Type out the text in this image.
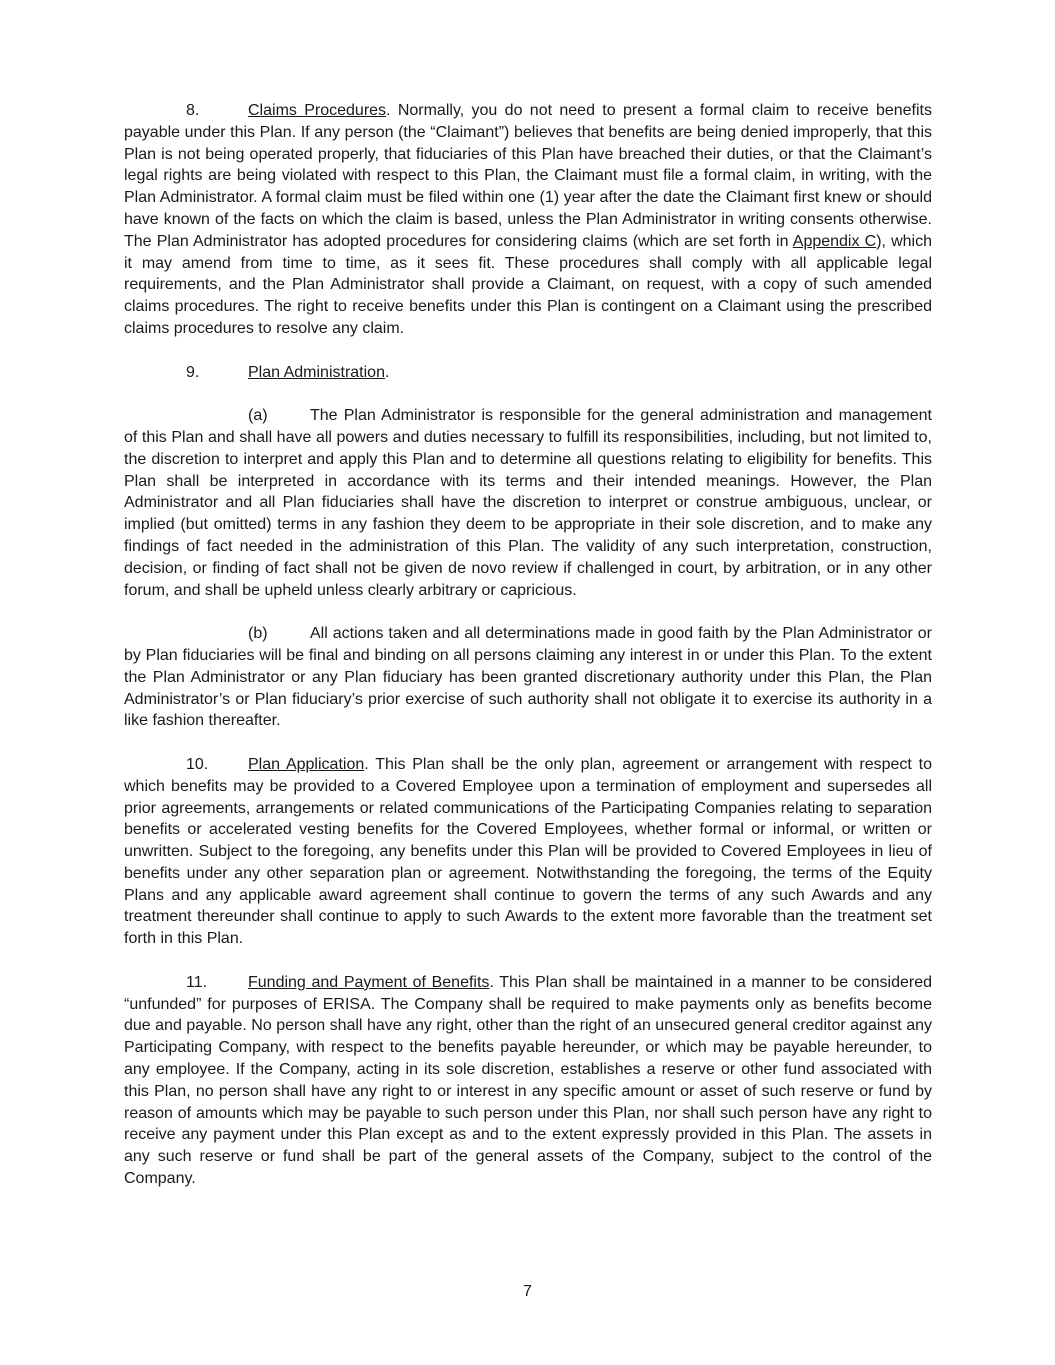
8.	Claims Procedures. Normally, you do not need to present a formal claim to receive benefits payable under this Plan. If any person (the “Claimant”) believes that benefits are being denied improperly, that this Plan is not being operated properly, that fiduciaries of this Plan have breached their duties, or that the Claimant’s legal rights are being violated with respect to this Plan, the Claimant must file a formal claim, in writing, with the Plan Administrator. A formal claim must be filed within one (1) year after the date the Claimant first knew or should have known of the facts on which the claim is based, unless the Plan Administrator in writing consents otherwise. The Plan Administrator has adopted procedures for considering claims (which are set forth in Appendix C), which it may amend from time to time, as it sees fit. These procedures shall comply with all applicable legal requirements, and the Plan Administrator shall provide a Claimant, on request, with a copy of such amended claims procedures. The right to receive benefits under this Plan is contingent on a Claimant using the prescribed claims procedures to resolve any claim.

9.	Plan Administration.

(a)	The Plan Administrator is responsible for the general administration and management of this Plan and shall have all powers and duties necessary to fulfill its responsibilities, including, but not limited to, the discretion to interpret and apply this Plan and to determine all questions relating to eligibility for benefits. This Plan shall be interpreted in accordance with its terms and their intended meanings. However, the Plan Administrator and all Plan fiduciaries shall have the discretion to interpret or construe ambiguous, unclear, or implied (but omitted) terms in any fashion they deem to be appropriate in their sole discretion, and to make any findings of fact needed in the administration of this Plan. The validity of any such interpretation, construction, decision, or finding of fact shall not be given de novo review if challenged in court, by arbitration, or in any other forum, and shall be upheld unless clearly arbitrary or capricious.

(b)	All actions taken and all determinations made in good faith by the Plan Administrator or by Plan fiduciaries will be final and binding on all persons claiming any interest in or under this Plan. To the extent the Plan Administrator or any Plan fiduciary has been granted discretionary authority under this Plan, the Plan Administrator’s or Plan fiduciary’s prior exercise of such authority shall not obligate it to exercise its authority in a like fashion thereafter.

10. Plan Application. This Plan shall be the only plan, agreement or arrangement with respect to which benefits may be provided to a Covered Employee upon a termination of employment and supersedes all prior agreements, arrangements or related communications of the Participating Companies relating to separation benefits or accelerated vesting benefits for the Covered Employees, whether formal or informal, or written or unwritten. Subject to the foregoing, any benefits under this Plan will be provided to Covered Employees in lieu of benefits under any other separation plan or agreement. Notwithstanding the foregoing, the terms of the Equity Plans and any applicable award agreement shall continue to govern the terms of any such Awards and any treatment thereunder shall continue to apply to such Awards to the extent more favorable than the treatment set forth in this Plan.

11.	Funding and Payment of Benefits. This Plan shall be maintained in a manner to be considered “unfunded” for purposes of ERISA. The Company shall be required to make payments only as benefits become due and payable. No person shall have any right, other than the right of an unsecured general creditor against any Participating Company, with respect to the benefits payable hereunder, or which may be payable hereunder, to any employee. If the Company, acting in its sole discretion, establishes a reserve or other fund associated with this Plan, no person shall have any right to or interest in any specific amount or asset of such reserve or fund by reason of amounts which may be payable to such person under this Plan, nor shall such person have any right to receive any payment under this Plan except as and to the extent expressly provided in this Plan. The assets in any such reserve or fund shall be part of the general assets of the Company, subject to the control of the Company.

7
